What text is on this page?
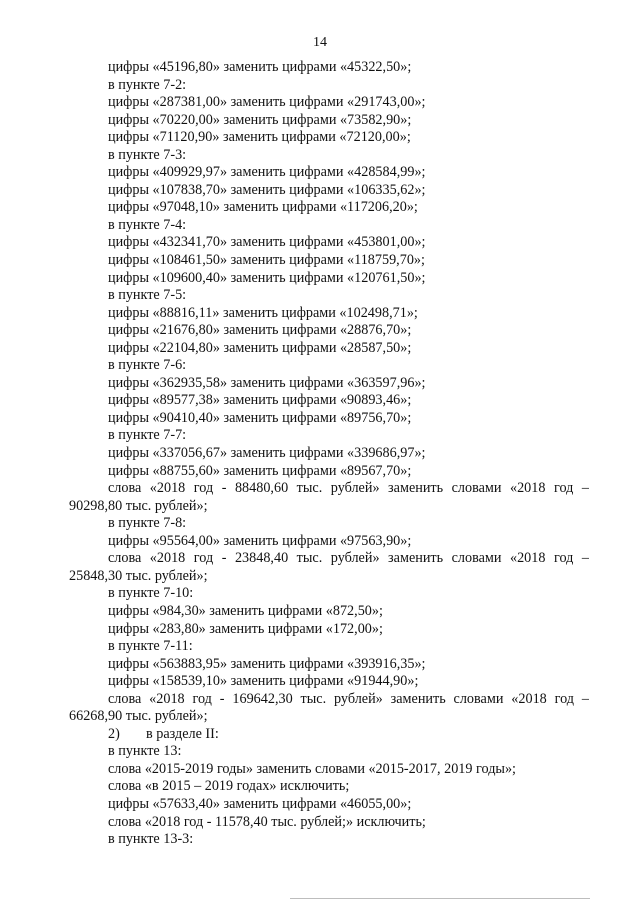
14
цифры «45196,80» заменить цифрами «45322,50»;
в пункте 7-2:
цифры «287381,00» заменить цифрами «291743,00»;
цифры «70220,00» заменить цифрами «73582,90»;
цифры «71120,90» заменить цифрами «72120,00»;
в пункте 7-3:
цифры «409929,97» заменить цифрами «428584,99»;
цифры «107838,70» заменить цифрами «106335,62»;
цифры «97048,10» заменить цифрами «117206,20»;
в пункте 7-4:
цифры «432341,70» заменить цифрами «453801,00»;
цифры «108461,50» заменить цифрами «118759,70»;
цифры «109600,40» заменить цифрами «120761,50»;
в пункте 7-5:
цифры «88816,11» заменить цифрами «102498,71»;
цифры «21676,80» заменить цифрами «28876,70»;
цифры «22104,80» заменить цифрами «28587,50»;
в пункте 7-6:
цифры «362935,58» заменить цифрами «363597,96»;
цифры «89577,38» заменить цифрами «90893,46»;
цифры «90410,40» заменить цифрами «89756,70»;
в пункте 7-7:
цифры «337056,67» заменить цифрами «339686,97»;
цифры «88755,60» заменить цифрами «89567,70»;
слова «2018 год - 88480,60 тыс. рублей» заменить словами «2018 год –
90298,80 тыс. рублей»;
в пункте 7-8:
цифры «95564,00» заменить цифрами «97563,90»;
слова «2018 год - 23848,40 тыс. рублей» заменить словами «2018 год –
25848,30 тыс. рублей»;
в пункте 7-10:
цифры «984,30» заменить цифрами «872,50»;
цифры «283,80» заменить цифрами «172,00»;
в пункте 7-11:
цифры «563883,95» заменить цифрами «393916,35»;
цифры «158539,10» заменить цифрами «91944,90»;
слова «2018 год - 169642,30 тыс. рублей» заменить словами «2018 год –
66268,90 тыс. рублей»;
2) в разделе II:
в пункте 13:
слова «2015-2019 годы» заменить словами «2015-2017, 2019 годы»;
слова «в 2015 – 2019 годах» исключить;
цифры «57633,40» заменить цифрами «46055,00»;
слова «2018 год - 11578,40 тыс. рублей;» исключить;
в пункте 13-3:
